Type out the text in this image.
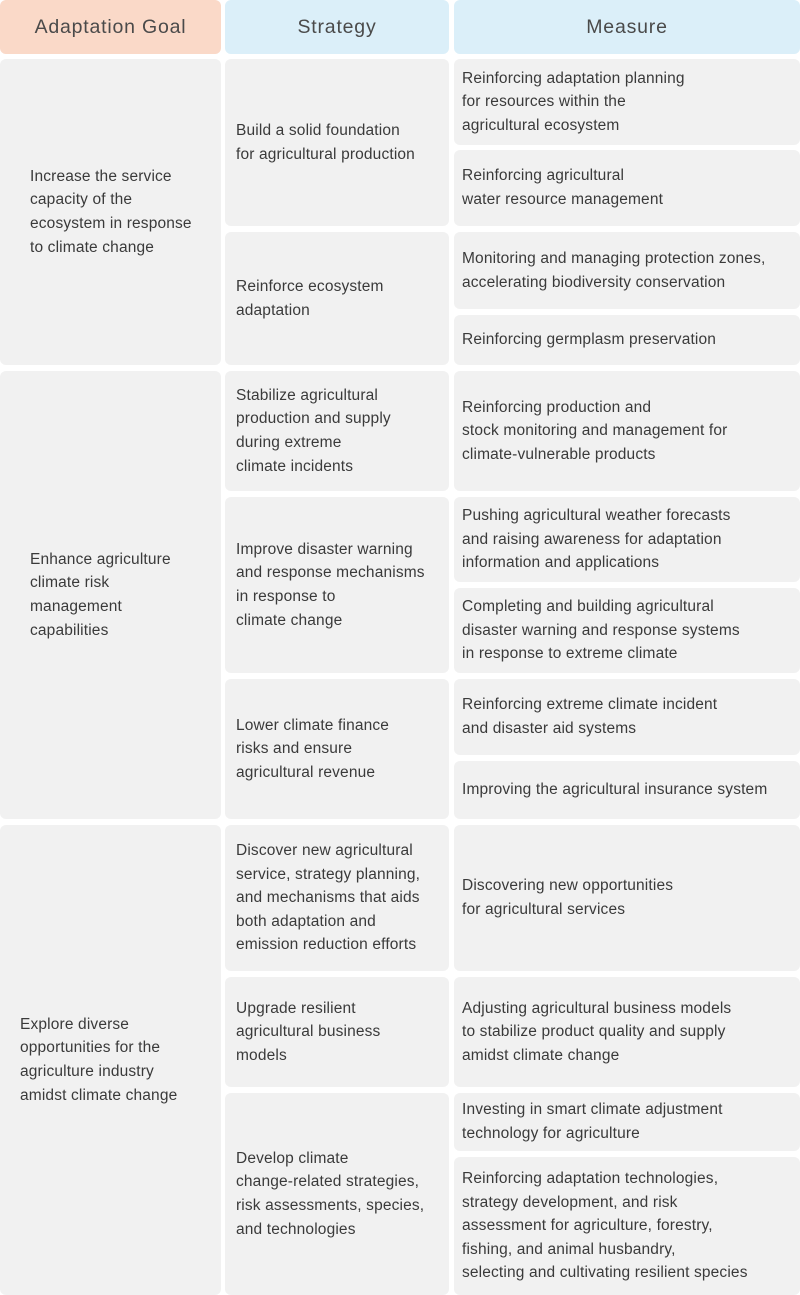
Adaptation Goal	Strategy	Measure
Increase the service
capacity of the
ecosystem in response
to climate change
Enhance agriculture
climate risk
management
capabilities
Explore diverse
opportunities for the
agriculture industry
amidst climate change
Build a solid foundation
for agricultural production
Reinforce ecosystem
adaptation
Stabilize agricultural
production and supply
during extreme
climate incidents
Improve disaster warning
and response mechanisms
in response to
climate change
Lower climate finance
risks and ensure
agricultural revenue
Discover new agricultural
service, strategy planning,
and mechanisms that aids
both adaptation and
emission reduction efforts
Upgrade resilient
agricultural business
models
Develop climate
change-related strategies,
risk assessments, species,
and technologies
Reinforcing adaptation planning
for resources within the
agricultural ecosystem
Reinforcing agricultural
water resource management
Monitoring and managing protection zones,
accelerating biodiversity conservation
Reinforcing germplasm preservation
Reinforcing production and
stock monitoring and management for
climate-vulnerable products
Pushing agricultural weather forecasts
and raising awareness for adaptation
information and applications
Completing and building agricultural
disaster warning and response systems
in response to extreme climate
Reinforcing extreme climate incident
and disaster aid systems
Improving the agricultural insurance system
Discovering new opportunities
for agricultural services
Adjusting agricultural business models
to stabilize product quality and supply
amidst climate change
Investing in smart climate adjustment
technology for agriculture
Reinforcing adaptation technologies,
strategy development, and risk
assessment for agriculture, forestry,
fishing, and animal husbandry,
selecting and cultivating resilient species
